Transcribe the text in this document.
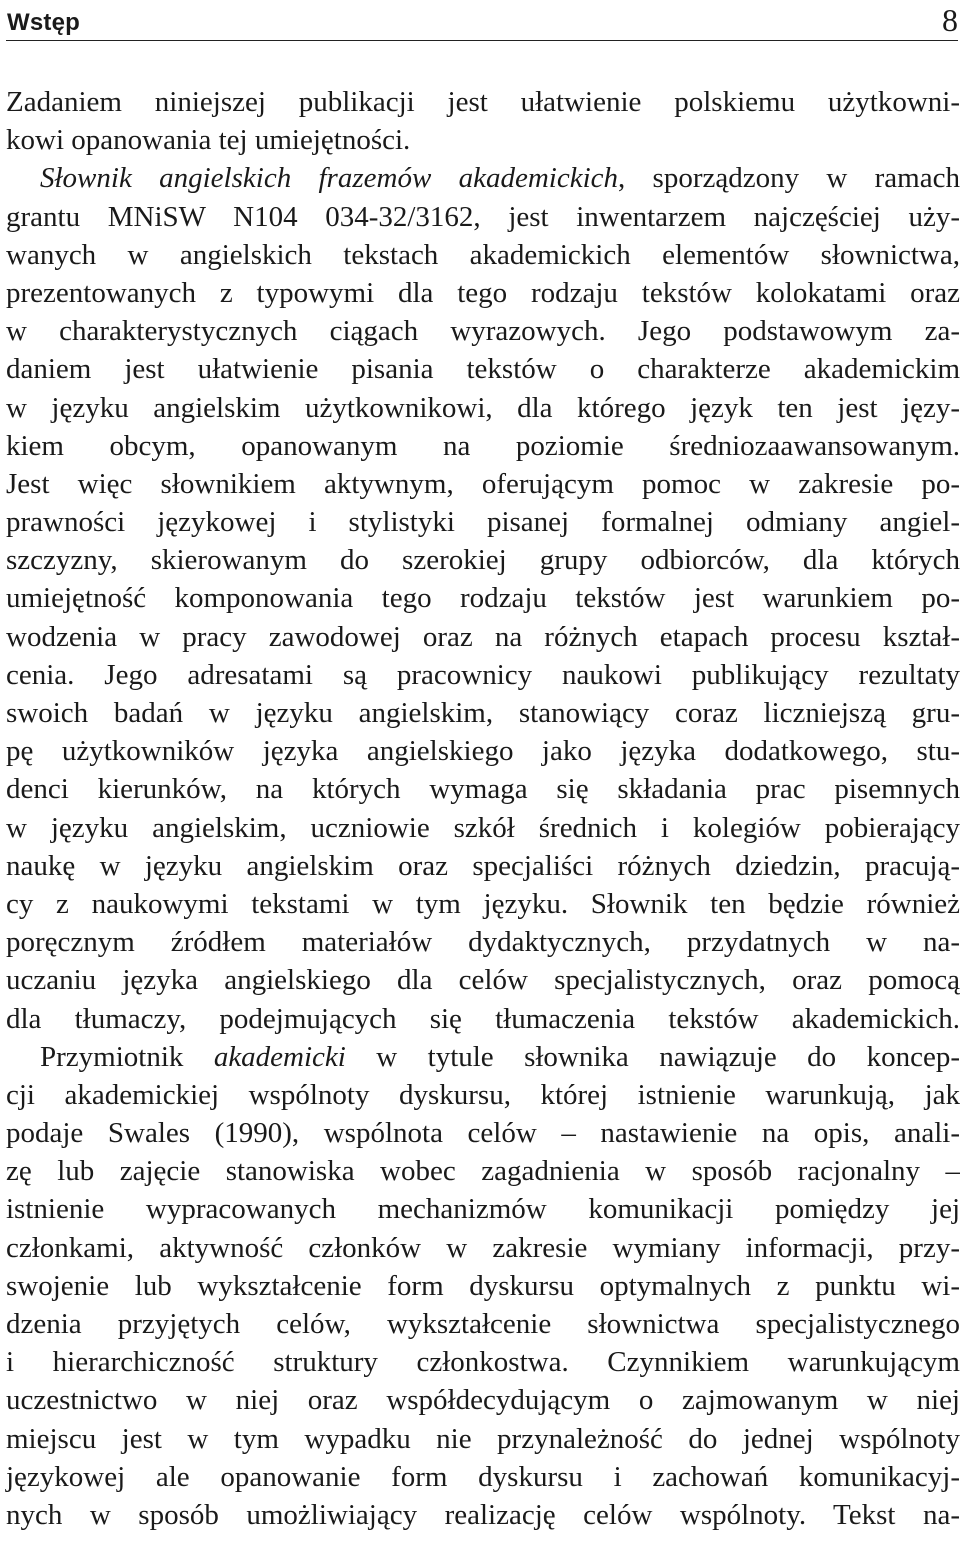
Wstęp	8
Zadaniem niniejszej publikacji jest ułatwienie polskiemu użytkowni-
kowi opanowania tej umiejętności.
Słownik angielskich frazemów akademickich, sporządzony w ramach
grantu MNiSW N104 034-32/3162, jest inwentarzem najczęściej uży-
wanych w angielskich tekstach akademickich elementów słownictwa,
prezentowanych z typowymi dla tego rodzaju tekstów kolokatami oraz
w charakterystycznych ciągach wyrazowych. Jego podstawowym za-
daniem jest ułatwienie pisania tekstów o charakterze akademickim
w języku angielskim użytkownikowi, dla którego język ten jest języ-
kiem obcym, opanowanym na poziomie średniozaawansowanym.
Jest więc słownikiem aktywnym, oferującym pomoc w zakresie po-
prawności językowej i stylistyki pisanej formalnej odmiany angiel-
szczyzny, skierowanym do szerokiej grupy odbiorców, dla których
umiejętność komponowania tego rodzaju tekstów jest warunkiem po-
wodzenia w pracy zawodowej oraz na różnych etapach procesu kształ-
cenia. Jego adresatami są pracownicy naukowi publikujący rezultaty
swoich badań w języku angielskim, stanowiący coraz liczniejszą gru-
pę użytkowników języka angielskiego jako języka dodatkowego, stu-
denci kierunków, na których wymaga się składania prac pisemnych
w języku angielskim, uczniowie szkół średnich i kolegiów pobierający
naukę w języku angielskim oraz specjaliści różnych dziedzin, pracują-
cy z naukowymi tekstami w tym języku. Słownik ten będzie również
poręcznym źródłem materiałów dydaktycznych, przydatnych w na-
uczaniu języka angielskiego dla celów specjalistycznych, oraz pomocą
dla tłumaczy, podejmujących się tłumaczenia tekstów akademickich.
Przymiotnik akademicki w tytule słownika nawiązuje do koncep-
cji akademickiej wspólnoty dyskursu, której istnienie warunkują, jak
podaje Swales (1990), wspólnota celów – nastawienie na opis, anali-
zę lub zajęcie stanowiska wobec zagadnienia w sposób racjonalny –
istnienie wypracowanych mechanizmów komunikacji pomiędzy jej
członkami, aktywność członków w zakresie wymiany informacji, przy-
swojenie lub wykształcenie form dyskursu optymalnych z punktu wi-
dzenia przyjętych celów, wykształcenie słownictwa specjalistycznego
i hierarchiczność struktury członkostwa. Czynnikiem warunkującym
uczestnictwo w niej oraz współdecydującym o zajmowanym w niej
miejscu jest w tym wypadku nie przynależność do jednej wspólnoty
językowej ale opanowanie form dyskursu i zachowań komunikacyj-
nych w sposób umożliwiający realizację celów wspólnoty. Tekst na-
